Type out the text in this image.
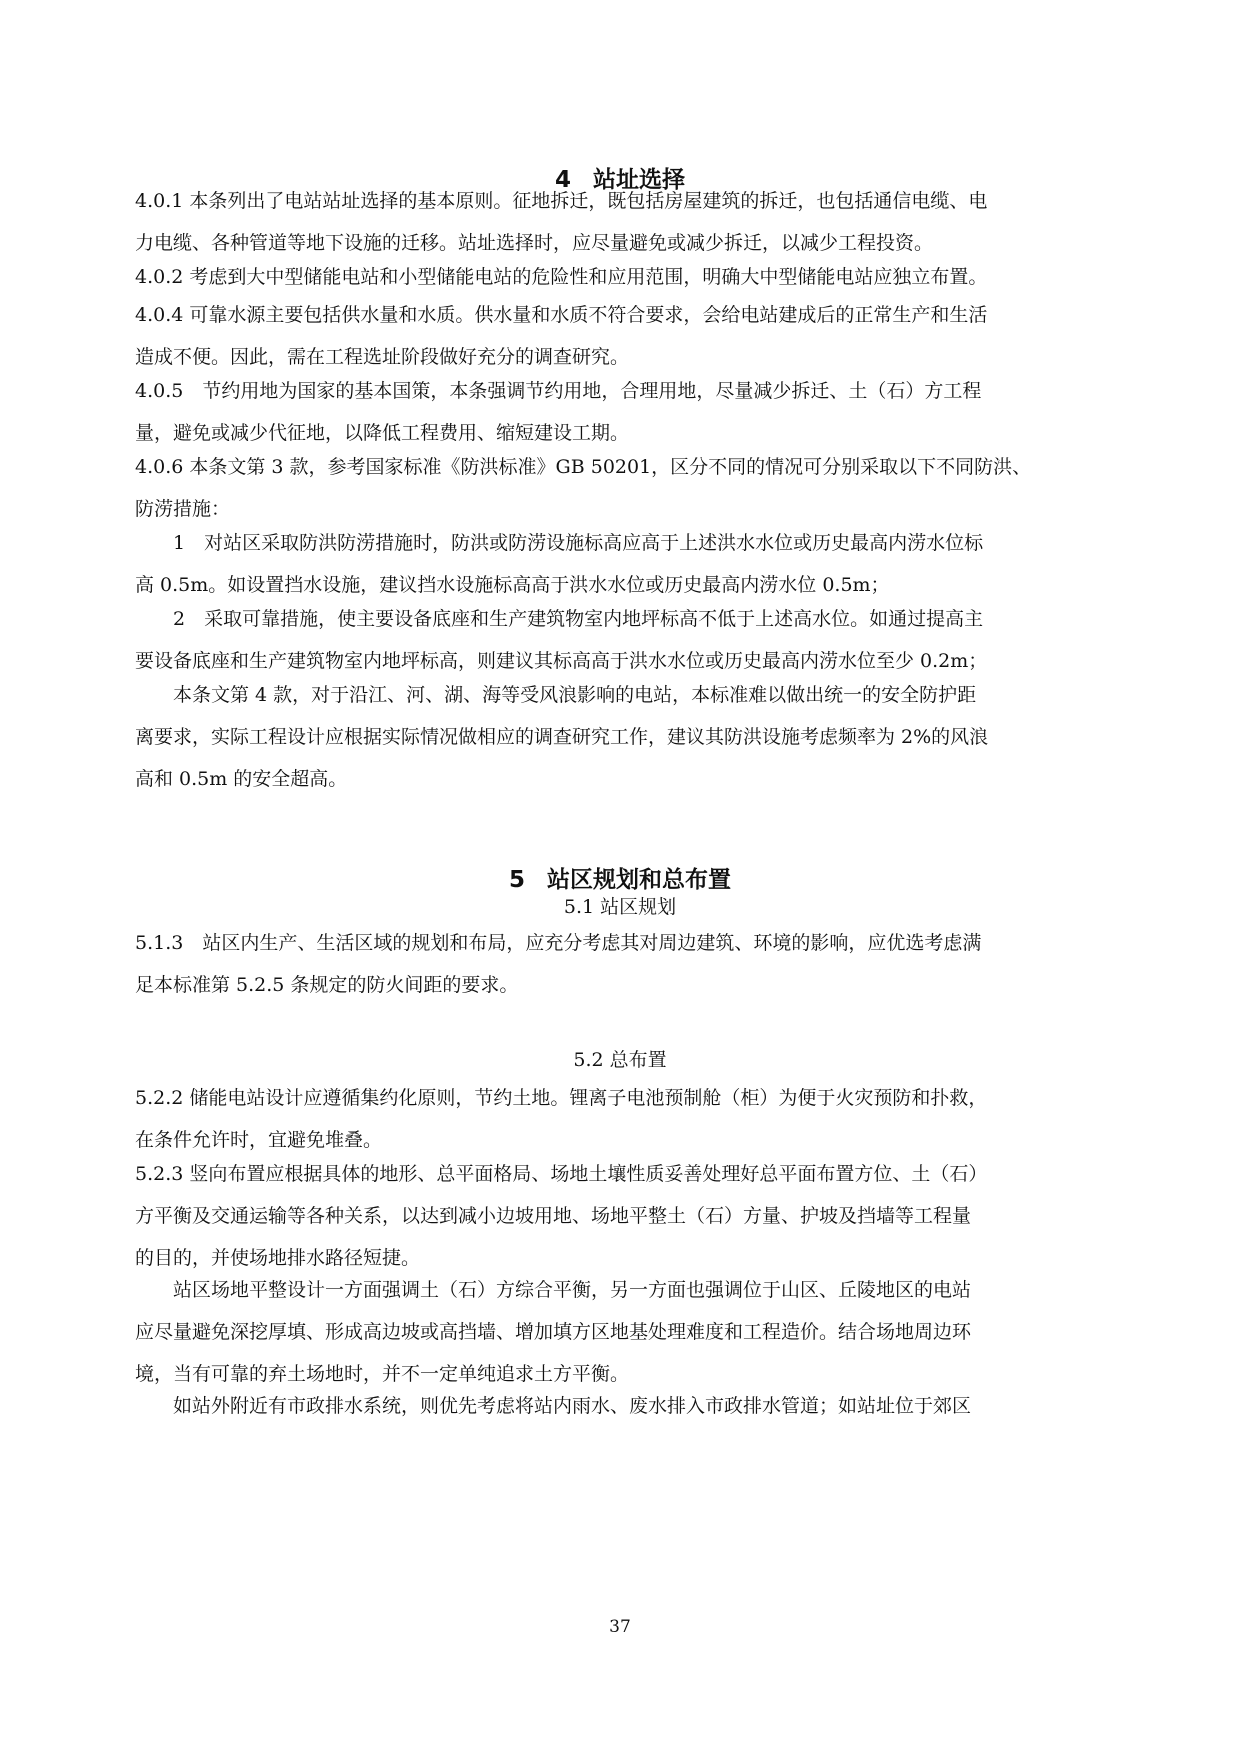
4 站址选择
4.0.1 本条列出了电站站址选择的基本原则。征地拆迁，既包括房屋建筑的拆迁，也包括通信电缆、电
力电缆、各种管道等地下设施的迁移。站址选择时，应尽量避免或减少拆迁，以减少工程投资。
4.0.2 考虑到大中型储能电站和小型储能电站的危险性和应用范围，明确大中型储能电站应独立布置。
4.0.4 可靠水源主要包括供水量和水质。供水量和水质不符合要求，会给电站建成后的正常生产和生活
造成不便。因此，需在工程选址阶段做好充分的调查研究。
4.0.5　节约用地为国家的基本国策，本条强调节约用地，合理用地，尽量减少拆迁、土（石）方工程
量，避免或减少代征地，以降低工程费用、缩短建设工期。
4.0.6 本条文第 3 款，参考国家标准《防洪标准》GB 50201，区分不同的情况可分别采取以下不同防洪、
防涝措施：
1　对站区采取防洪防涝措施时，防洪或防涝设施标高应高于上述洪水水位或历史最高内涝水位标
高 0.5m。如设置挡水设施，建议挡水设施标高高于洪水水位或历史最高内涝水位 0.5m；
2　采取可靠措施，使主要设备底座和生产建筑物室内地坪标高不低于上述高水位。如通过提高主
要设备底座和生产建筑物室内地坪标高，则建议其标高高于洪水水位或历史最高内涝水位至少 0.2m；
本条文第 4 款，对于沿江、河、湖、海等受风浪影响的电站，本标准难以做出统一的安全防护距
离要求，实际工程设计应根据实际情况做相应的调查研究工作，建议其防洪设施考虑频率为 2%的风浪
高和 0.5m 的安全超高。
5 站区规划和总布置
5.1 站区规划
5.1.3　站区内生产、生活区域的规划和布局，应充分考虑其对周边建筑、环境的影响，应优选考虑满
足本标准第 5.2.5 条规定的防火间距的要求。
5.2 总布置
5.2.2 储能电站设计应遵循集约化原则，节约土地。锂离子电池预制舱（柜）为便于火灾预防和扑救，
在条件允许时，宜避免堆叠。
5.2.3 竖向布置应根据具体的地形、总平面格局、场地土壤性质妥善处理好总平面布置方位、土（石）
方平衡及交通运输等各种关系，以达到减小边坡用地、场地平整土（石）方量、护坡及挡墙等工程量
的目的，并使场地排水路径短捷。
站区场地平整设计一方面强调土（石）方综合平衡，另一方面也强调位于山区、丘陵地区的电站
应尽量避免深挖厚填、形成高边坡或高挡墙、增加填方区地基处理难度和工程造价。结合场地周边环
境，当有可靠的弃土场地时，并不一定单纯追求土方平衡。
如站外附近有市政排水系统，则优先考虑将站内雨水、废水排入市政排水管道；如站址位于郊区
37
